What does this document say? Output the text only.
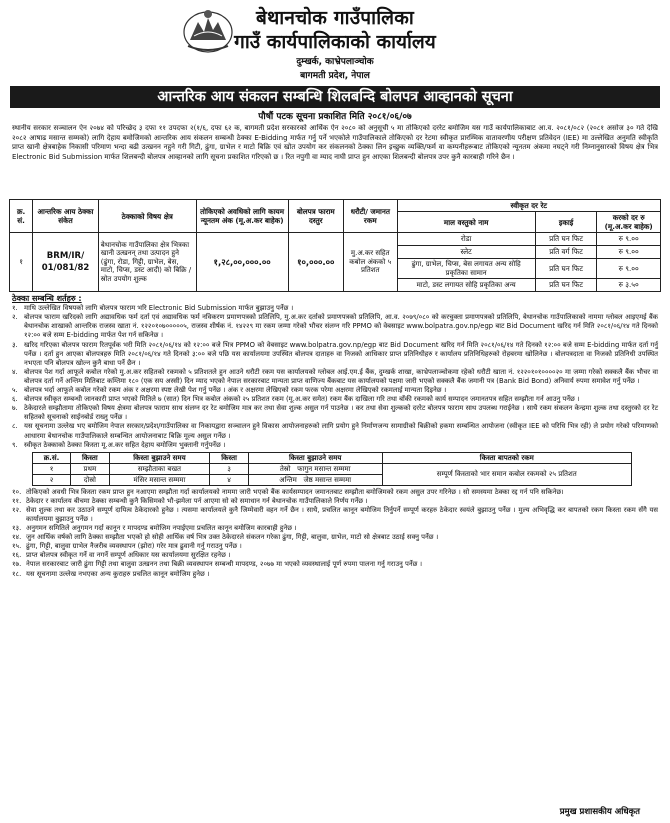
बेथानचोक गाउँपालिका
गाउँ कार्यपालिकाको कार्यालय
दुम्खर्क, काभ्रेपलाञ्चोक
बागमती प्रदेश, नेपाल
आन्तरिक आय संकलन सम्बन्धि शिलबन्दि बोलपत्र आव्हानको सूचना
पौषौं पटक सूचना प्रकाशित मिति २०८१/०६/०७
स्थानीय सरकार सञ्चालन ऐन २०७४ को परिच्छेद ३ दफा ११ उपदफा २(१/६, दफा ६२ क, बागमती प्रदेश सरकारको आर्थिक ऐन २०८० को अनुसूची ५ मा तोकिएको दररेट बमोजिम यस गाउँ कार्यपालिकाबाट आ.व. २०८१/०८२ (२०८१ असोज ३० गते देखि २०८२ आषाढ मसान्त सम्मको) लागि देहाय बमोजिमको आन्तरिक आय संकलन सम्बन्धी ठेक्का E-Bidding मार्फत गर्नु पर्ने भएकोले गाउँपालिकाले तोकिएको दर रेटमा स्वीकृत प्रारम्भिक वातावरणीय परीक्षण प्रतिवेदन (IEE) मा उल्लेखित अनुमति स्वीकृति प्राप्त खानी क्षेत्रबाहेक निकासी परिमाण भन्दा बढी उत्खनन नहुने गरी गिटी, ढुंगा, ग्राभेल र माटो बिक्रि एवं खोत उपयोग कर संकलनको ठेक्का लिन इच्छुक व्यक्ति/फर्म वा कम्पनीहरूबाट तोकिएको न्यूनतम अंकमा नघट्ने गरी निम्नानुसारको विषय क्षेत्र भित्र Electronic Bid Submission मार्फत शिलबन्दी बोलपत्र आव्हानको लागि सूचना प्रकाशित गरिएको छ । रित नपुगी वा म्याद नाघी प्राप्त हुन आएका शिलबन्दी बोलपत्र उपर कुनै कारबाही गरिने छैन ।
क्र. सं.	आन्तरिक आय ठेक्का संकेत	ठेक्काको विषय क्षेत्र	तोकिएको अवधिको लागि कायम न्यूनतम अंक (मू.अ.कर बाहेक)	बोलपत्र फाराम दस्तुर	धरौटी/ जमानत रकम	स्वीकृत दर रेट		
						माल वस्तुको नाम	इकाई	करको दर रु (मू.अ.कर बाहेक)
१	BRM/IR/ 01/081/82	बेथानचोक गाउँपालिका क्षेत्र भित्रका खानी उत्खनन् तथा उत्पादन हुने (ढुंगा, रोडा, गिट्टी, ग्राभेल, बेस, माटो, चिप्स, डस्ट आदी) को बिक्रि /स्रोत उपयोग शुल्क	१,२८,००,०००.००	१०,०००.००	मु.अ.कर सहित कबोल अंकको ५ प्रतिशत	रोडा	प्रति घन फिट	रु ९.००
						स्लेट	प्रति वर्ग फिट	रु ९.००
						ढुंगा, ग्राभेल, चिप्स, बेस लगायत अन्य सोहि प्रकृतिका सामान	प्रति घन फिट	रु ९.००
						माटो, डस्ट लगायत सोहि प्रकृतिका अन्य	प्रति घन फिट	रु ३.५०
ठेक्का सम्बन्धि शर्तहरु :
१. माथि उल्लेखित विषयको लागि बोलपत्र फाराम भरि Electronic Bid Submission मार्फत बुझाउनु पर्नेछ ।
२. बोलपत्र फाराम खरिदको लागि अद्यावधिक फर्म दर्ता एवं अद्यावधिक फर्म नविकरण प्रमाणपत्रको प्रतिलिपि, मु.अ.कर दर्ताको प्रमाणपत्रको प्रतिलिपि, आ.व. २०७९/०८० को करचुक्ता प्रमाणपत्रको प्रतिलिपि, बेथानचोक गाउँपालिकाको नाममा ग्लोबल आइएमई बैंक बेथानचोक शाखाको आन्तरिक राजस्व खाता नं. १२२०१०७०००००५, राजस्व शीर्षक नं. १४२२९ मा रकम जम्मा गरेको भौचर संलग्न गरि PPMO को वेबसाइट www.bolpatra.gov.np/egp बाट Bid Document खरिद गर्न मिति २०८१/०६/१४ गते दिनको १२:०० बजे सम्म E-bidding मार्फत पेश गर्न सकिनेछ ।
३. खरिद गरिएका बोलपत्र फाराम रितपूर्वक भरी मिति २०८१/०६/१४ को १२:०० बजे भित्र PPMO को वेबसाइट www.bolpatra.gov.np/egp बाट Bid Document खरिद गर्न मिति २०८१/०६/१४ गते दिनको १२:०० बजे सम्म E-bidding मार्फत दर्ता गर्नु पर्नेछ । दर्ता हुन आएका बोलपत्रहरु मिति २०८१/०६/१४ गते दिनको ३:०० बजे पछि यस कार्यालयमा उपस्थित बोलपत्र दाताहरु वा निजको आधिकार प्राप्त प्रतिनिधीहरु र कार्यालय प्रतिनिधिहरुको रोहबरमा खोलिनेछ । बोलपत्रदाता वा निजको प्रतिनिधी उपस्थित नभएता पनि बोलपत्र खोल्न कुनै बाधा पर्ने छैन ।
४. बोलपत्र पेश गर्दा आफूले कबोल गरेको मु.अ.कर सहितको रकमको ५ प्रतिशतले हुन आउने धरौटी रकम यस कार्यालयको ग्लोबल आई.एम.ई बैंक, दुम्खर्क शाखा, काभ्रेपलाञ्चोकमा रहेको धरौटी खाता नं. १२२०१०१००००२० मा जम्मा गरेको सक्कलै बैंक भौचर वा बोलपत्र दर्ता गर्ने अन्तिम मितिबाट कम्तिमा १८० (एक सय अस्सी) दिन म्याद भएको नेपाल सरकारबाट मान्यता प्राप्त वाणिज्य बैंकबाट यस कार्यालयको पक्षमा जारी भएको सक्कलै बैंक जमानी पत्र (Bank Bid Bond) अनिवार्य रुपमा समावेश गर्नु पर्नेछ ।
५. बोलपत्र भर्दा आफूले कबोल गरेको रकम अंक र अक्षरमा स्पष्ट लेखी पेश गर्नु पर्नेछ । अंक र अक्षरमा लेखिएको रकम फरक परेमा अक्षरमा लेखिएको रकमलाई मान्यता दिइनेछ ।
६. बोलपत्र स्वीकृत सम्बन्धी जानकारी प्राप्त भएको मितिले ७ (सात) दिन भित्र कबोल अंकको २५ प्रतिशत रकम (मू.अ.कर समेत) रकम बैंक दाखिला गरि तथा बाँकी रकमको कार्य सम्पादन जमानतपत्र सहित सम्झौता गर्न आउनु पर्नेछ ।
७. ठेकेदारले सम्झौतामा तोकिएको विषय क्षेत्रमा बोलपत्र फाराम साथ संलग्न दर रेट बमोजिम मात्र कर तथा सेवा शुल्क असुल गर्न पाउनेछ । कर तथा सेवा शुल्कको दररेट बोलपत्र फाराम साथ उपलब्ध गराईनेछ । साथै रकम संकलन केन्द्रमा शुल्क तथा दस्तुरको दर रेट सहितको सूचनाको साईनबोर्ड राख्नु पर्नेछ ।
८. यस सूचनामा उल्लेख भए बमोजिम नेपाल सरकार/प्रदेश/गाउँपालिका वा निकायद्वारा सञ्चालन हुने विकास आयोजनाहरुको लागि प्रयोग हुने निर्माणजन्य सामाग्रीको बिक्रीको हकमा सम्बन्धित आयोजना (स्वीकृत IEE को परिधि भित्र रही) ले प्रयोग गरेको परिमाणको आधारमा बेथानचोक गाउँपालिकाले सम्बन्धित आयोजनाबाट बिक्रि मूल्य असुल गर्नेछ ।
९. स्वीकृत ठेक्काको ठेक्का किस्ता मू.अ.कर सहित देहाय बमोजिम भुक्तानी गर्नुपर्नेछ ।
क्र.सं.	किस्ता	किस्ता बुझाउने समय	किस्ता	किस्ता बुझाउने समय	किस्ता बापतको रकम
१	प्रथम	सम्झौताका बखत	३	तेस्रो फागुन मसान्त सम्ममा	सम्पूर्ण किस्ताको भार समान कबोल रकमको २५ प्रतिशत
२	दोस्रो	मंसिर मसान्त सम्ममा	४	अन्तिम जेष्ठ मसान्त सम्ममा	
१०. तोकिएको अवधी भित्र किस्ता रकम प्राप्त हुन नआएमा सम्झौता गर्दा कार्यालयको नाममा जारी भएको बैंक कार्यसम्पादन जमानतबाट सम्झौता बमोजिमको रकम असुल उपर गरिनेछ । सो समस्यमा ठेक्का रद्द गर्न पनि सकिनेछ।
११. ठेकेदार र कार्यालय बीचमा ठेक्का सम्बन्धी कुनै किसिमको भौ-झमेला पर्न आएमा सो को समाधान गर्न बेथानचोक गाउँपालिकाले निर्णय गर्नेछ ।
१२. सेवा शुल्क तथा कर उठाउने सम्पूर्ण दायित्व ठेकेदारको हुनेछ । त्यसमा कार्यालयले कुनै जिम्मेवारी वहन गर्ने छैन । साथै, प्रचलित कानून बमोजिम तिर्नुपर्ने सम्पूर्ण करहरु ठेकेदार स्वयंले बुझाउनु पर्नेछ । मुल्य अभिवृद्धि कर बापतको रकम किस्ता रकम सँगै यस कार्यालयमा बुझाउनु पर्नेछ ।
१३. अनुगमन समितिले अनुगमन गर्दा कानून र मापदण्ड बमोजिम नपाईएमा प्रचलित कानून बमोजिम कारबाही हुनेछ ।
१४. जुन आर्थिक वर्षको लागि ठेक्का सम्झौता भएको हो सोही आर्थिक वर्ष भित्र उक्त ठेकेदारले संकलन गरेका ढुंगा, गिट्टी, बालुवा, ग्राभेल, माटो सो क्षेत्रबाट उठाई सक्नु पर्नेछ ।
१५. ढुंगा, गिट्टी, बालुवा ग्राभेल नैजरीब व्यवस्थापन (झोरा) गरेर मात्र ढुवानी गर्नु गराउनु पर्नेछ ।
१६. प्राप्त बोलपत्र स्वीकृत गर्ने वा नगर्ने सम्पूर्ण अधिकार यस कार्यालयमा सुरक्षित रहनेछ ।
१७. नेपाल सरकारबाट जारी ढुंगा गिट्टी तथा बालुवा उत्खनन तथा बिक्री व्यवस्थापन सम्बन्धी मापदण्ड, २०७७ मा भएको व्यवस्थालाई पूर्ण रुपमा पालना गर्नु गराउनु पर्नेछ ।
१८. यस सूचनामा उल्लेख नभएका अन्य कुराहरु प्रचलित कानून बमोजिम हुनेछ ।
प्रमुख प्रशासकीय अधिकृत
